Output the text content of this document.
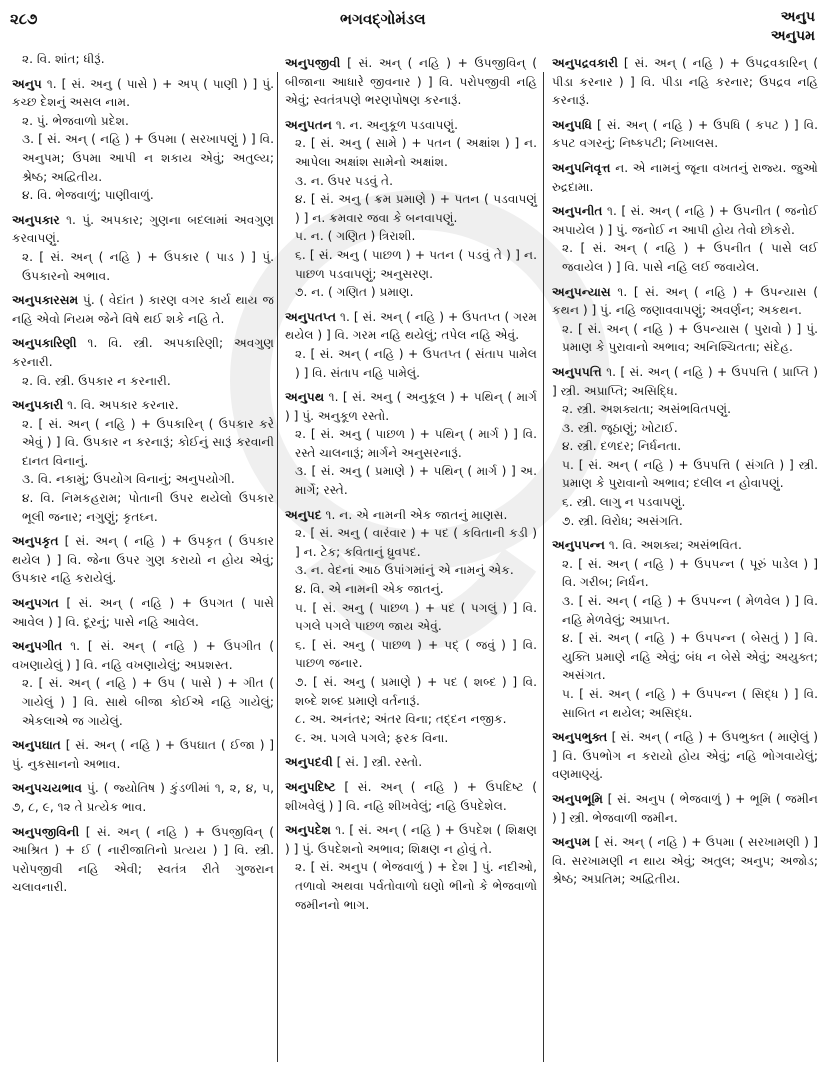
૨૮૭	ભગવદ્ગોમંડલ	અનુપ
અનુપમ
૨. વિ. શાંત; ધીરૂં.
અનુપ ૧. [ સં. અનુ ( પાસે ) + અપ્ ( પાણી ) ] પું. કચ્છ દેશનું અસલ નામ.
૨. પું. ભેજવાળો પ્રદેશ.
૩. [ સં. અન્ ( નહિ ) + ઉપમા ( સરખાપણું ) ] વિ. અનુપમ; ઉપમા આપી ન શકાય એવું; અતુલ્ય; શ્રેષ્ઠ; અદ્વિતીય.
૪. વિ. ભેજવાળું; પાણીવાળું.
અનુપકાર ૧. પું. અપકાર; ગુણના બદલામાં અવગુણ કરવાપણું.
૨. [ સં. અન્ ( નહિ ) + ઉપકાર ( પાડ ) ] પું. ઉપકારનો અભાવ.
અનુપકારસમ પું. ( વેદાંત ) કારણ વગર કાર્ય થાય જ નહિ એવો નિયમ જેને વિષે થઈ શકે નહિ તે.
અનુપકારિણી ૧. વિ. સ્ત્રી. અપકારિણી; અવગુણ કરનારી.
૨. વિ. સ્ત્રી. ઉપકાર ન કરનારી.
અનુપકારી ૧. વિ. અપકાર કરનાર.
૨. [ સં. અન્ ( નહિ ) + ઉપકારિન્ ( ઉપકાર કરે એવું ) ] વિ. ઉપકાર ન કરનારૂં; કોઈનું સારૂં કરવાની દાનત વિનાનું.
૩. વિ. નકામું; ઉપયોગ વિનાનું; અનુપયોગી.
૪. વિ. નિમકહરામ; પોતાની ઉપર થયેલો ઉપકાર ભૂલી જનાર; નગુણું; કૃતઘ્ન.
અનુપકૃત [ સં. અન્ ( નહિ ) + ઉપકૃત ( ઉપકાર થયેલ ) ] વિ. જેના ઉપર ગુણ કરાયો ન હોય એવું; ઉપકાર નહિ કરાયેલું.
અનુપગત [ સં. અન્ ( નહિ ) + ઉપગત ( પાસે આવેલ ) ] વિ. દૂરનું; પાસે નહિ આવેલ.
અનુપગીત ૧. [ સં. અન્ ( નહિ ) + ઉપગીત ( વખણાયેલું ) ] વિ. નહિ વખણાયેલું; અપ્રશસ્ત.
૨. [ સં. અન્ ( નહિ ) + ઉપ ( પાસે ) + ગીત ( ગાયેલું ) ] વિ. સાથે બીજા કોઈએ નહિ ગાયેલું; એકલાએ જ ગાયેલું.
અનુપઘાત [ સં. અન્ ( નહિ ) + ઉપઘાત ( ઈજા ) ] પું. નુકસાનનો અભાવ.
અનુપચયભાવ પું. ( જ્યોતિષ ) કુંડળીમાં ૧, ૨, ૪, ૫, ૭, ૮, ૯, ૧૨ તે પ્રત્યેક ભાવ.
અનુપજીવિની [ સં. અન્ ( નહિ ) + ઉપજીવિન્ ( આશ્રિત ) + ઈ ( નારીજાતિનો પ્રત્યય ) ] વિ. સ્ત્રી. પરોપજીવી નહિ એવી; સ્વતંત્ર રીતે ગુજરાન ચલાવનારી.
અનુપજીવી [ સં. અન્ ( નહિ ) + ઉપજીવિન્ ( બીજાના આધારે જીવનાર ) ] વિ. પરોપજીવી નહિ એવું; સ્વતંત્રપણે ભરણપોષણ કરનારૂં.
અનુપતન ૧. ન. અનુકૂળ પડવાપણું.
૨. [ સં. અનુ ( સામે ) + પતન ( અક્ષાંશ ) ] ન. આપેલા અક્ષાંશ સામેનો અક્ષાંશ.
૩. ન. ઉપર પડવું તે.
૪. [ સં. અનુ ( ક્રમ પ્રમાણે ) + પતન ( પડવાપણું ) ] ન. ક્રમવાર જવા કે બનવાપણું.
૫. ન. ( ગણિત ) ત્રિરાશી.
૬. [ સં. અનુ ( પાછળ ) + પતન ( પડવું તે ) ] ન. પાછળ પડવાપણું; અનુસરણ.
૭. ન. ( ગણિત ) પ્રમાણ.
અનુપતપ્ત ૧. [ સં. અન્ ( નહિ ) + ઉપતપ્ત ( ગરમ થયેલ ) ] વિ. ગરમ નહિ થયેલું; તપેલ નહિ એવું.
૨. [ સં. અન્ ( નહિ ) + ઉપતપ્ત ( સંતાપ પામેલ ) ] વિ. સંતાપ નહિ પામેલું.
અનુપથ ૧. [ સં. અનુ ( અનુકૂલ ) + પથિન્ ( માર્ગ ) ] પું. અનુકૂળ રસ્તો.
૨. [ સં. અનુ ( પાછળ ) + પથિન્ ( માર્ગ ) ] વિ. રસ્તે ચાલનારૂં; માર્ગને અનુસરનારૂં.
૩. [ સં. અનુ ( પ્રમાણે ) + પથિન્ ( માર્ગ ) ] અ. માર્ગે; રસ્તે.
અનુપદ ૧. ન. એ નામની એક જાતનું માણસ.
૨. [ સં. અનુ ( વારંવાર ) + પદ ( કવિતાની કડી ) ] ન. ટેક; કવિતાનું ધ્રુવપદ.
૩. ન. વેદનાં આઠ ઉપાંગમાંનું એ નામનું એક.
૪. વિ. એ નામની એક જાતનું.
૫. [ સં. અનુ ( પાછળ ) + પદ ( પગલું ) ] વિ. પગલે પગલે પાછળ જાય એવું.
૬. [ સં. અનુ ( પાછળ ) + પદ્ ( જવું ) ] વિ. પાછળ જનાર.
૭. [ સં. અનુ ( પ્રમાણે ) + પદ ( શબ્દ ) ] વિ. શબ્દે શબ્દ પ્રમાણે વર્તનારૂં.
૮. અ. અનંતર; અંતર વિના; તદ્દન નજીક.
૯. અ. પગલે પગલે; ફરક વિના.
અનુપદવી [ સં. ] સ્ત્રી. રસ્તો.
અનુપદિષ્ટ [ સં. અન્ ( નહિ ) + ઉપદિષ્ટ ( શીખવેલું ) ] વિ. નહિ શીખવેલું; નહિ ઉપદેશેલ.
અનુપદેશ ૧. [ સં. અન્ ( નહિ ) + ઉપદેશ ( શિક્ષણ ) ] પું. ઉપદેશનો અભાવ; શિક્ષણ ન હોવું તે.
૨. [ સં. અનુપ ( ભેજવાળું ) + દેશ ] પું. નદીઓ, તળાવો અથવા પર્વતોવાળો ઘણો ભીનો કે ભેજવાળો જમીનનો ભાગ.
અનુપદ્રવકારી [ સં. અન્ ( નહિ ) + ઉપદ્રવકારિન્ ( પીડા કરનાર ) ] વિ. પીડા નહિ કરનાર; ઉપદ્રવ નહિ કરનારૂં.
અનુપધિ [ સં. અન્ ( નહિ ) + ઉપધિ ( કપટ ) ] વિ. કપટ વગરનું; નિષ્કપટી; નિખાલસ.
અનુપનિવૃત્ત ન. એ નામનું જૂના વખતનું રાજ્ય. જુઓ રુદ્રદામા.
અનુપનીત ૧. [ સં. અન્ ( નહિ ) + ઉપનીત ( જનોઈ અપાયેલ ) ] પું. જનોઈ ન આપી હોય તેવો છોકરો.
૨. [ સં. અન્ ( નહિ ) + ઉપનીત ( પાસે લઈ જવાયેલ ) ] વિ. પાસે નહિ લઈ જવાયેલ.
અનુપન્યાસ ૧. [ સં. અન્ ( નહિ ) + ઉપન્યાસ ( કથન ) ] પું. નહિ જણાવવાપણું; અવર્ણન; અકથન.
૨. [ સં. અન્ ( નહિ ) + ઉપન્યાસ ( પુરાવો ) ] પું. પ્રમાણ કે પુરાવાનો અભાવ; અનિશ્ચિતતા; સંદેહ.
અનુપપત્તિ ૧. [ સં. અન્ ( નહિ ) + ઉપપત્તિ ( પ્રાપ્તિ ) ] સ્ત્રી. અપ્રાપ્તિ; અસિદ્ધિ.
૨. સ્ત્રી. અશક્યતા; અસંભવિતપણું.
૩. સ્ત્રી. જૂઠાણું; ખોટાઈ.
૪. સ્ત્રી. દળદર; નિર્ધનતા.
૫. [ સં. અન્ ( નહિ ) + ઉપપત્તિ ( સંગતિ ) ] સ્ત્રી. પ્રમાણ કે પુરાવાનો અભાવ; દલીલ ન હોવાપણું.
૬. સ્ત્રી. લાગુ ન પડવાપણું.
૭. સ્ત્રી. વિરોધ; અસંગતિ.
અનુપપન્ન ૧. વિ. અશક્ય; અસંભવિત.
૨. [ સં. અન્ ( નહિ ) + ઉપપન્ન ( પૂરું પાડેલ ) ] વિ. ગરીબ; નિર્ધન.
૩. [ સં. અન્ ( નહિ ) + ઉપપન્ન ( મેળવેલ ) ] વિ. નહિ મેળવેલું; અપ્રાપ્ત.
૪. [ સં. અન્ ( નહિ ) + ઉપપન્ન ( બેસતું ) ] વિ. યુક્તિ પ્રમાણે નહિ એવું; બંધ ન બેસે એવું; અયુક્ત; અસંગત.
૫. [ સં. અન્ ( નહિ ) + ઉપપન્ન ( સિદ્ધ ) ] વિ. સાબિત ન થયેલ; અસિદ્ધ.
અનુપભુક્ત [ સં. અન્ ( નહિ ) + ઉપભુક્ત ( માણેલું ) ] વિ. ઉપભોગ ન કરાયો હોય એવું; નહિ ભોગવાયેલું; વણમાણ્યું.
અનુપભૂમિ [ સં. અનુપ ( ભેજવાળું ) + ભૂમિ ( જમીન ) ] સ્ત્રી. ભેજવાળી જમીન.
અનુપમ [ સં. અન્ ( નહિ ) + ઉપમા ( સરખામણી ) ] વિ. સરખામણી ન થાય એવું; અતુલ; અનુપ; અજોડ; શ્રેષ્ઠ; અપ્રતિમ; અદ્વિતીય.
